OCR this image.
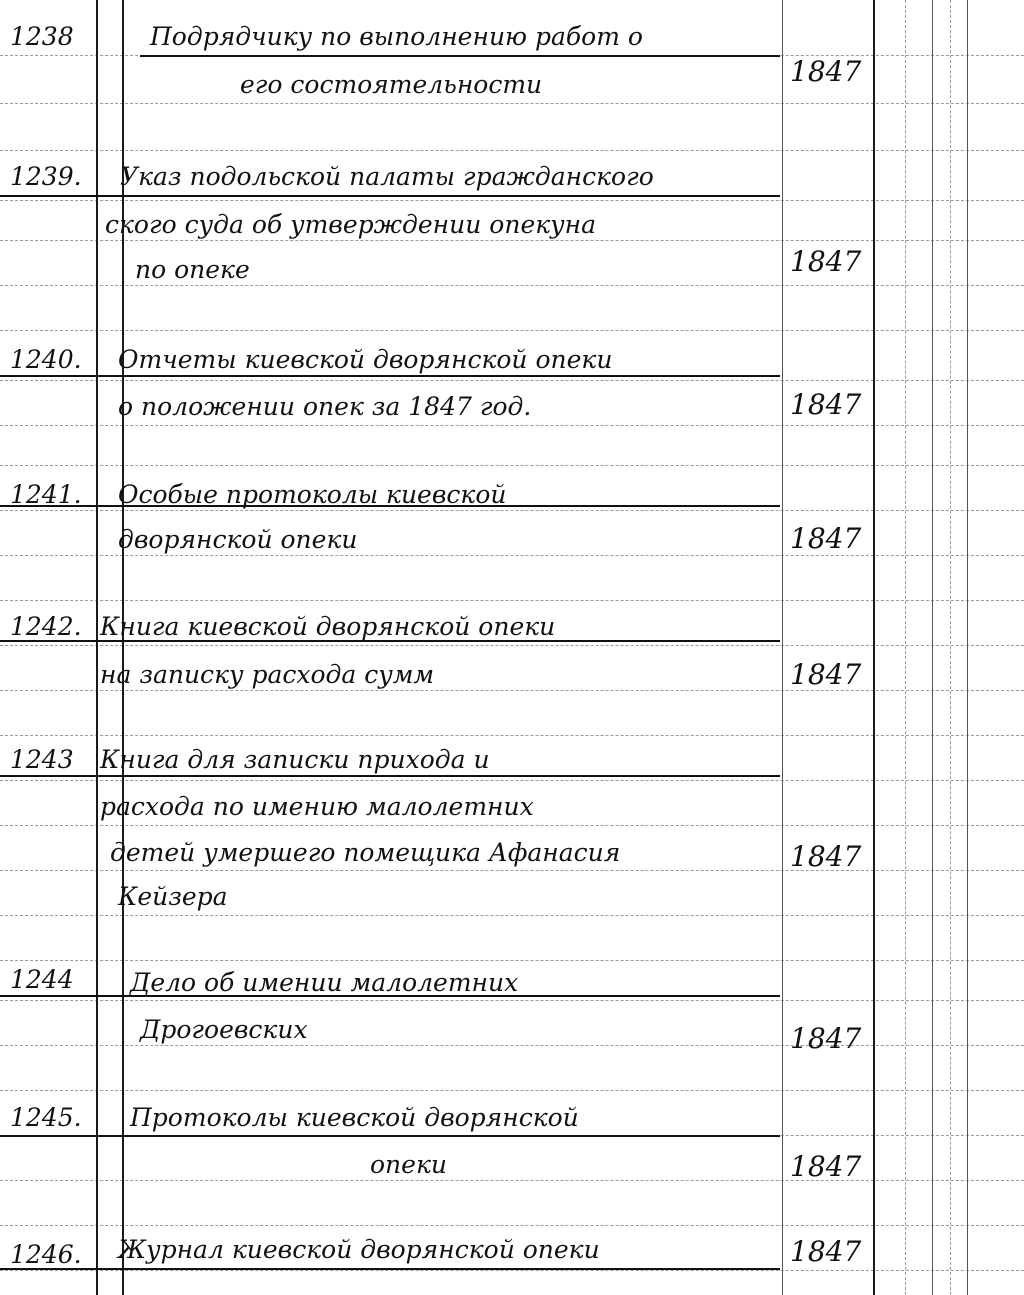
1238	Подрядчику по выполнению работ о
его состоятельности	1847
1239.	Указ подольской палаты гражданского
ского суда об утверждении опекуна
по опеке	1847
1240.	Отчеты киевской дворянской опеки
о положении опек за 1847 год.	1847
1241.	Особые протоколы киевской
дворянской опеки	1847
1242. Книга киевской дворянской опеки
на записку расхода сумм	1847
1243	Книга для записки прихода и
расхода по имению малолетних
детей умершего помещика Афанасия
Кейзера
1847
1244	Дело об имении малолетних
Дрогоевских	1847
1245.	Протоколы киевской дворянской
опеки	1847
1246.	Журнал киевской дворянской опеки	1847
